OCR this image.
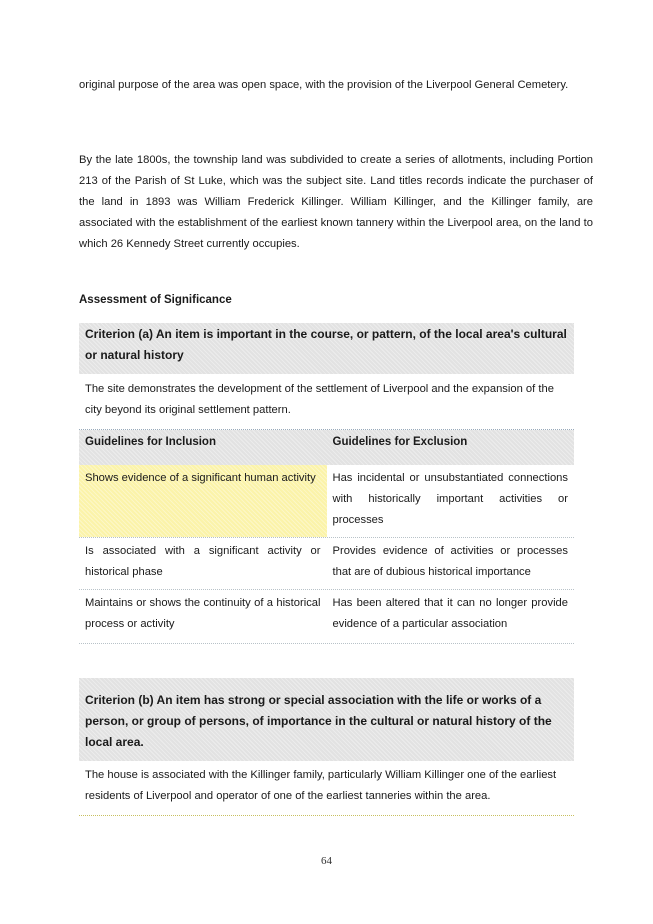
original purpose of the area was open space, with the provision of the Liverpool General Cemetery.
By the late 1800s, the township land was subdivided to create a series of allotments, including Portion 213 of the Parish of St Luke, which was the subject site. Land titles records indicate the purchaser of the land in 1893 was William Frederick Killinger. William Killinger, and the Killinger family, are associated with the establishment of the earliest known tannery within the Liverpool area, on the land to which 26 Kennedy Street currently occupies.
Assessment of Significance
Criterion (a) An item is important in the course, or pattern, of the local area's cultural or natural history
The site demonstrates the development of the settlement of Liverpool and the expansion of the city beyond its original settlement pattern.
Guidelines for Inclusion	Guidelines for Exclusion
Shows evidence of a significant human activity	Has incidental or unsubstantiated connections with historically important activities or processes
Is associated with a significant activity or historical phase
Provides evidence of activities or processes that are of dubious historical importance
Maintains or shows the continuity of a historical process or activity
Has been altered that it can no longer provide evidence of a particular association
Criterion (b) An item has strong or special association with the life or works of a person, or group of persons, of importance in the cultural or natural history of the local area.
The house is associated with the Killinger family, particularly William Killinger one of the earliest residents of Liverpool and operator of one of the earliest tanneries within the area.
64
